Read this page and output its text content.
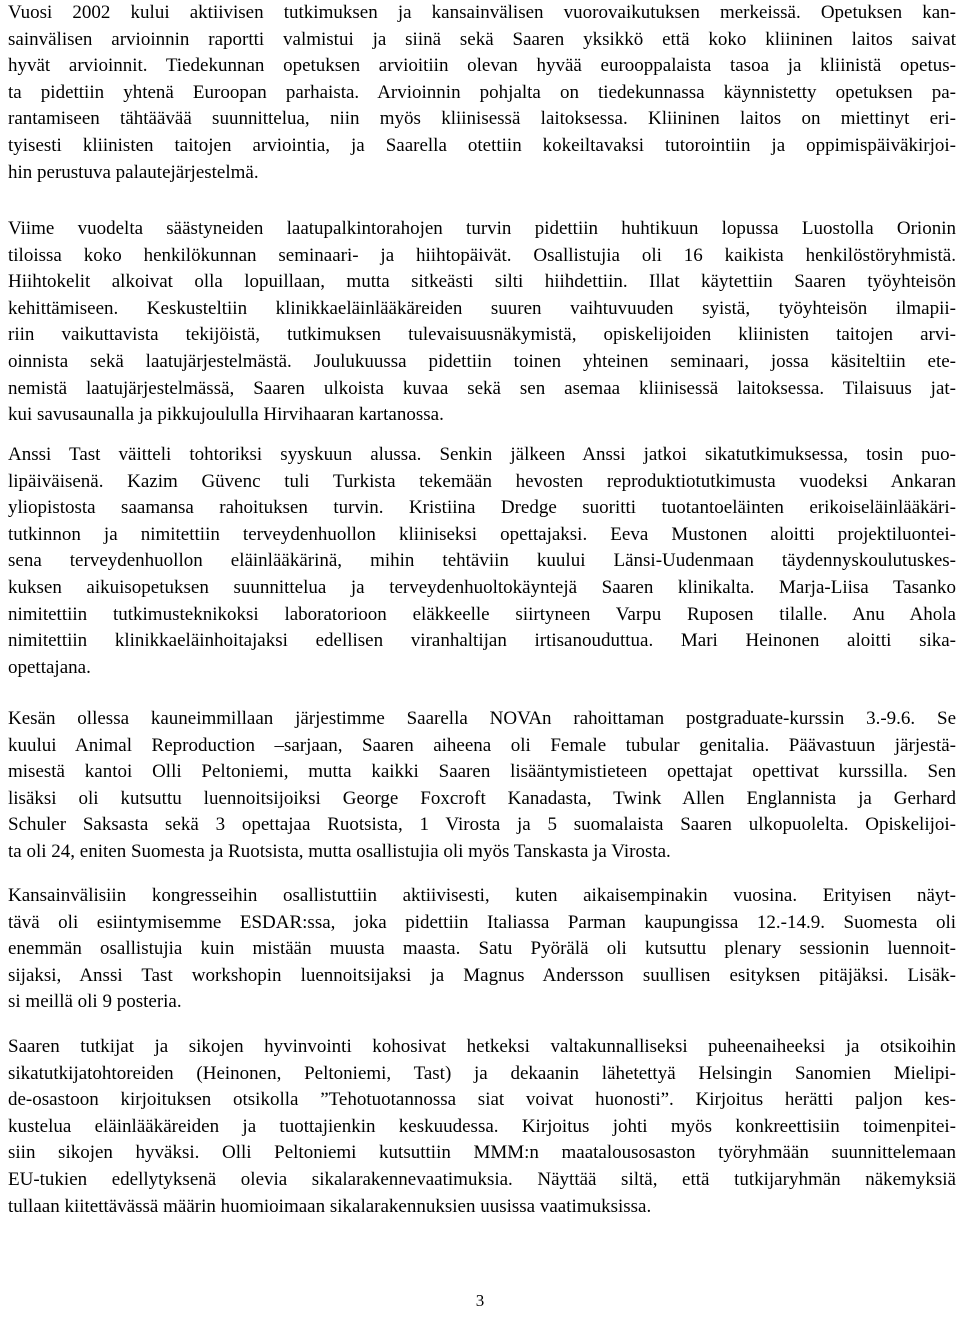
Vuosi 2002 kului aktiivisen tutkimuksen ja kansainvälisen vuorovaikutuksen merkeissä. Opetuksen kan-
sainvälisen arvioinnin raportti valmistui ja siinä sekä Saaren yksikkö että koko kliininen laitos saivat
hyvät arvioinnit. Tiedekunnan opetuksen arvioitiin olevan hyvää eurooppalaista tasoa ja kliinistä opetus-
ta pidettiin yhtenä Euroopan parhaista. Arvioinnin pohjalta on tiedekunnassa käynnistetty opetuksen pa-
rantamiseen tähtäävää suunnittelua, niin myös kliinisessä laitoksessa. Kliininen laitos on miettinyt eri-
tyisesti kliinisten taitojen arviointia, ja Saarella otettiin kokeiltavaksi tutorointiin ja oppimispäiväkirjoi-
hin perustuva palautejärjestelmä.
Viime vuodelta säästyneiden laatupalkintorahojen turvin pidettiin huhtikuun lopussa Luostolla Orionin
tiloissa koko henkilökunnan seminaari- ja hiihtopäivät. Osallistujia oli 16 kaikista henkilöstöryhmistä.
Hiihtokelit alkoivat olla lopuillaan, mutta sitkeästi silti hiihdettiin. Illat käytettiin Saaren työyhteisön
kehittämiseen. Keskusteltiin klinikkaeläinlääkäreiden suuren vaihtuvuuden syistä, työyhteisön ilmapii-
riin vaikuttavista tekijöistä, tutkimuksen tulevaisuusnäkymistä, opiskelijoiden kliinisten taitojen arvi-
oinnista sekä laatujärjestelmästä. Joulukuussa pidettiin toinen yhteinen seminaari, jossa käsiteltiin ete-
nemistä laatujärjestelmässä, Saaren ulkoista kuvaa sekä sen asemaa kliinisessä laitoksessa. Tilaisuus jat-
kui savusaunalla ja pikkujoululla Hirvihaaran kartanossa.
Anssi Tast väitteli tohtoriksi syyskuun alussa. Senkin jälkeen Anssi jatkoi sikatutkimuksessa, tosin puo-
lipäiväisenä. Kazim Güvenc tuli Turkista tekemään hevosten reproduktiotutkimusta vuodeksi Ankaran
yliopistosta saamansa rahoituksen turvin. Kristiina Dredge suoritti tuotantoeläinten erikoiseläinlääkäri-
tutkinnon ja nimitettiin terveydenhuollon kliiniseksi opettajaksi. Eeva Mustonen aloitti projektiluontei-
sena terveydenhuollon eläinlääkärinä, mihin tehtäviin kuului Länsi-Uudenmaan täydennyskoulutuskes-
kuksen aikuisopetuksen suunnittelua ja terveydenhuoltokäyntejä Saaren klinikalta. Marja-Liisa Tasanko
nimitettiin tutkimusteknikoksi laboratorioon eläkkeelle siirtyneen Varpu Ruposen tilalle. Anu Ahola
nimitettiin klinikkaeläinhoitajaksi edellisen viranhaltijan irtisanouduttua. Mari Heinonen aloitti sika-
opettajana.
Kesän ollessa kauneimmillaan järjestimme Saarella NOVAn rahoittaman postgraduate-kurssin 3.-9.6. Se
kuului Animal Reproduction –sarjaan, Saaren aiheena oli Female tubular genitalia. Päävastuun järjestä-
misestä kantoi Olli Peltoniemi, mutta kaikki Saaren lisääntymistieteen opettajat opettivat kurssilla. Sen
lisäksi oli kutsuttu luennoitsijoiksi George Foxcroft Kanadasta, Twink Allen Englannista ja Gerhard
Schuler Saksasta sekä 3 opettajaa Ruotsista, 1 Virosta ja 5 suomalaista Saaren ulkopuolelta. Opiskelijoi-
ta oli 24, eniten Suomesta ja Ruotsista, mutta osallistujia oli myös Tanskasta ja Virosta.
Kansainvälisiin kongresseihin osallistuttiin aktiivisesti, kuten aikaisempinakin vuosina. Erityisen näyt-
tävä oli esiintymisemme ESDAR:ssa, joka pidettiin Italiassa Parman kaupungissa 12.-14.9. Suomesta oli
enemmän osallistujia kuin mistään muusta maasta. Satu Pyörälä oli kutsuttu plenary sessionin luennoit-
sijaksi, Anssi Tast workshopin luennoitsijaksi ja Magnus Andersson suullisen esityksen pitäjäksi. Lisäk-
si meillä oli 9 posteria.
Saaren tutkijat ja sikojen hyvinvointi kohosivat hetkeksi valtakunnalliseksi puheenaiheeksi ja otsikoihin
sikatutkijatohtoreiden (Heinonen, Peltoniemi, Tast) ja dekaanin lähetettyä Helsingin Sanomien Mielipi-
de-osastoon kirjoituksen otsikolla ”Tehotuotannossa siat voivat huonosti”. Kirjoitus herätti paljon kes-
kustelua eläinlääkäreiden ja tuottajienkin keskuudessa. Kirjoitus johti myös konkreettisiin toimenpitei-
siin sikojen hyväksi. Olli Peltoniemi kutsuttiin MMM:n maatalousosaston työryhmään suunnittelemaan
EU-tukien edellytyksenä olevia sikalarakennevaatimuksia. Näyttää siltä, että tutkijaryhmän näkemyksiä
tullaan kiitettävässä määrin huomioimaan sikalarakennuksien uusissa vaatimuksissa.
3
